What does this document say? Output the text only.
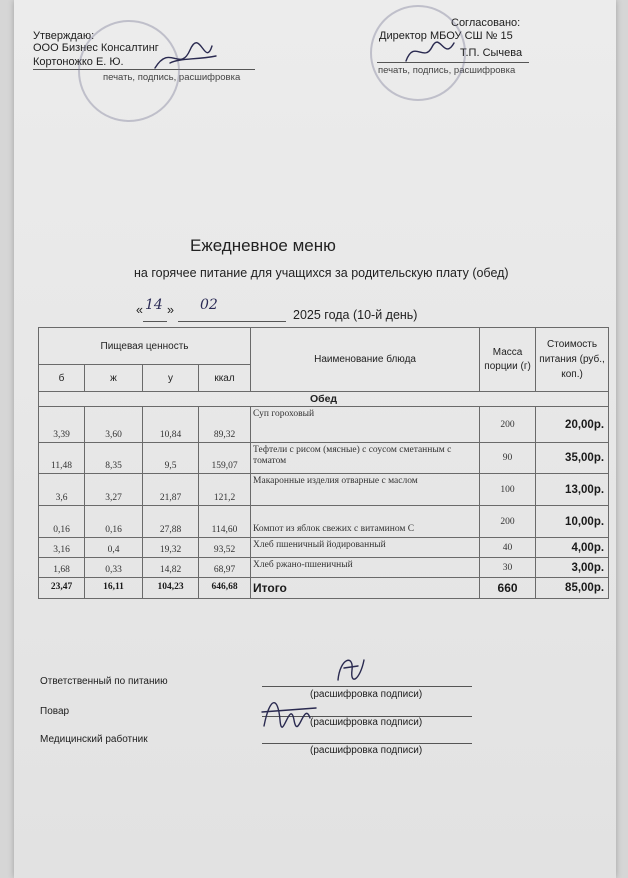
Утверждаю:
ООО Бизнес Консалтинг
Кортоножко Е. Ю.
печать, подпись, расшифровка
Согласовано:
Директор МБОУ СШ № 15
Т.П. Сычева
печать, подпись, расшифровка
Ежедневное меню
на горячее питание для учащихся за родительскую плату (обед)
« 14 » 02
2025 года (10-й день)
Пищевая ценность				Наименование блюда	Масса порции (г)	Стоимость питания (руб., коп.)
б	ж	у	ккал			
Обед						
3,39	3,60	10,84	89,32	Суп гороховый	200	20,00р.
11,48	8,35	9,5	159,07	Тефтели с рисом (мясные) с соусом сметанным с томатом	90	35,00р.
3,6	3,27	21,87	121,2	Макаронные изделия отварные с маслом	100	13,00р.
0,16	0,16	27,88	114,60	Компот из яблок свежих с витамином С	200	10,00р.
3,16	0,4	19,32	93,52	Хлеб пшеничный йодированный	40	4,00р.
1,68	0,33	14,82	68,97	Хлеб ржано-пшеничный	30	3,00р.
23,47	16,11	104,23	646,68	Итого	660	85,00р.
Ответственный по питанию
(расшифровка подписи)
Повар
(расшифровка подписи)
Медицинский работник
(расшифровка подписи)
